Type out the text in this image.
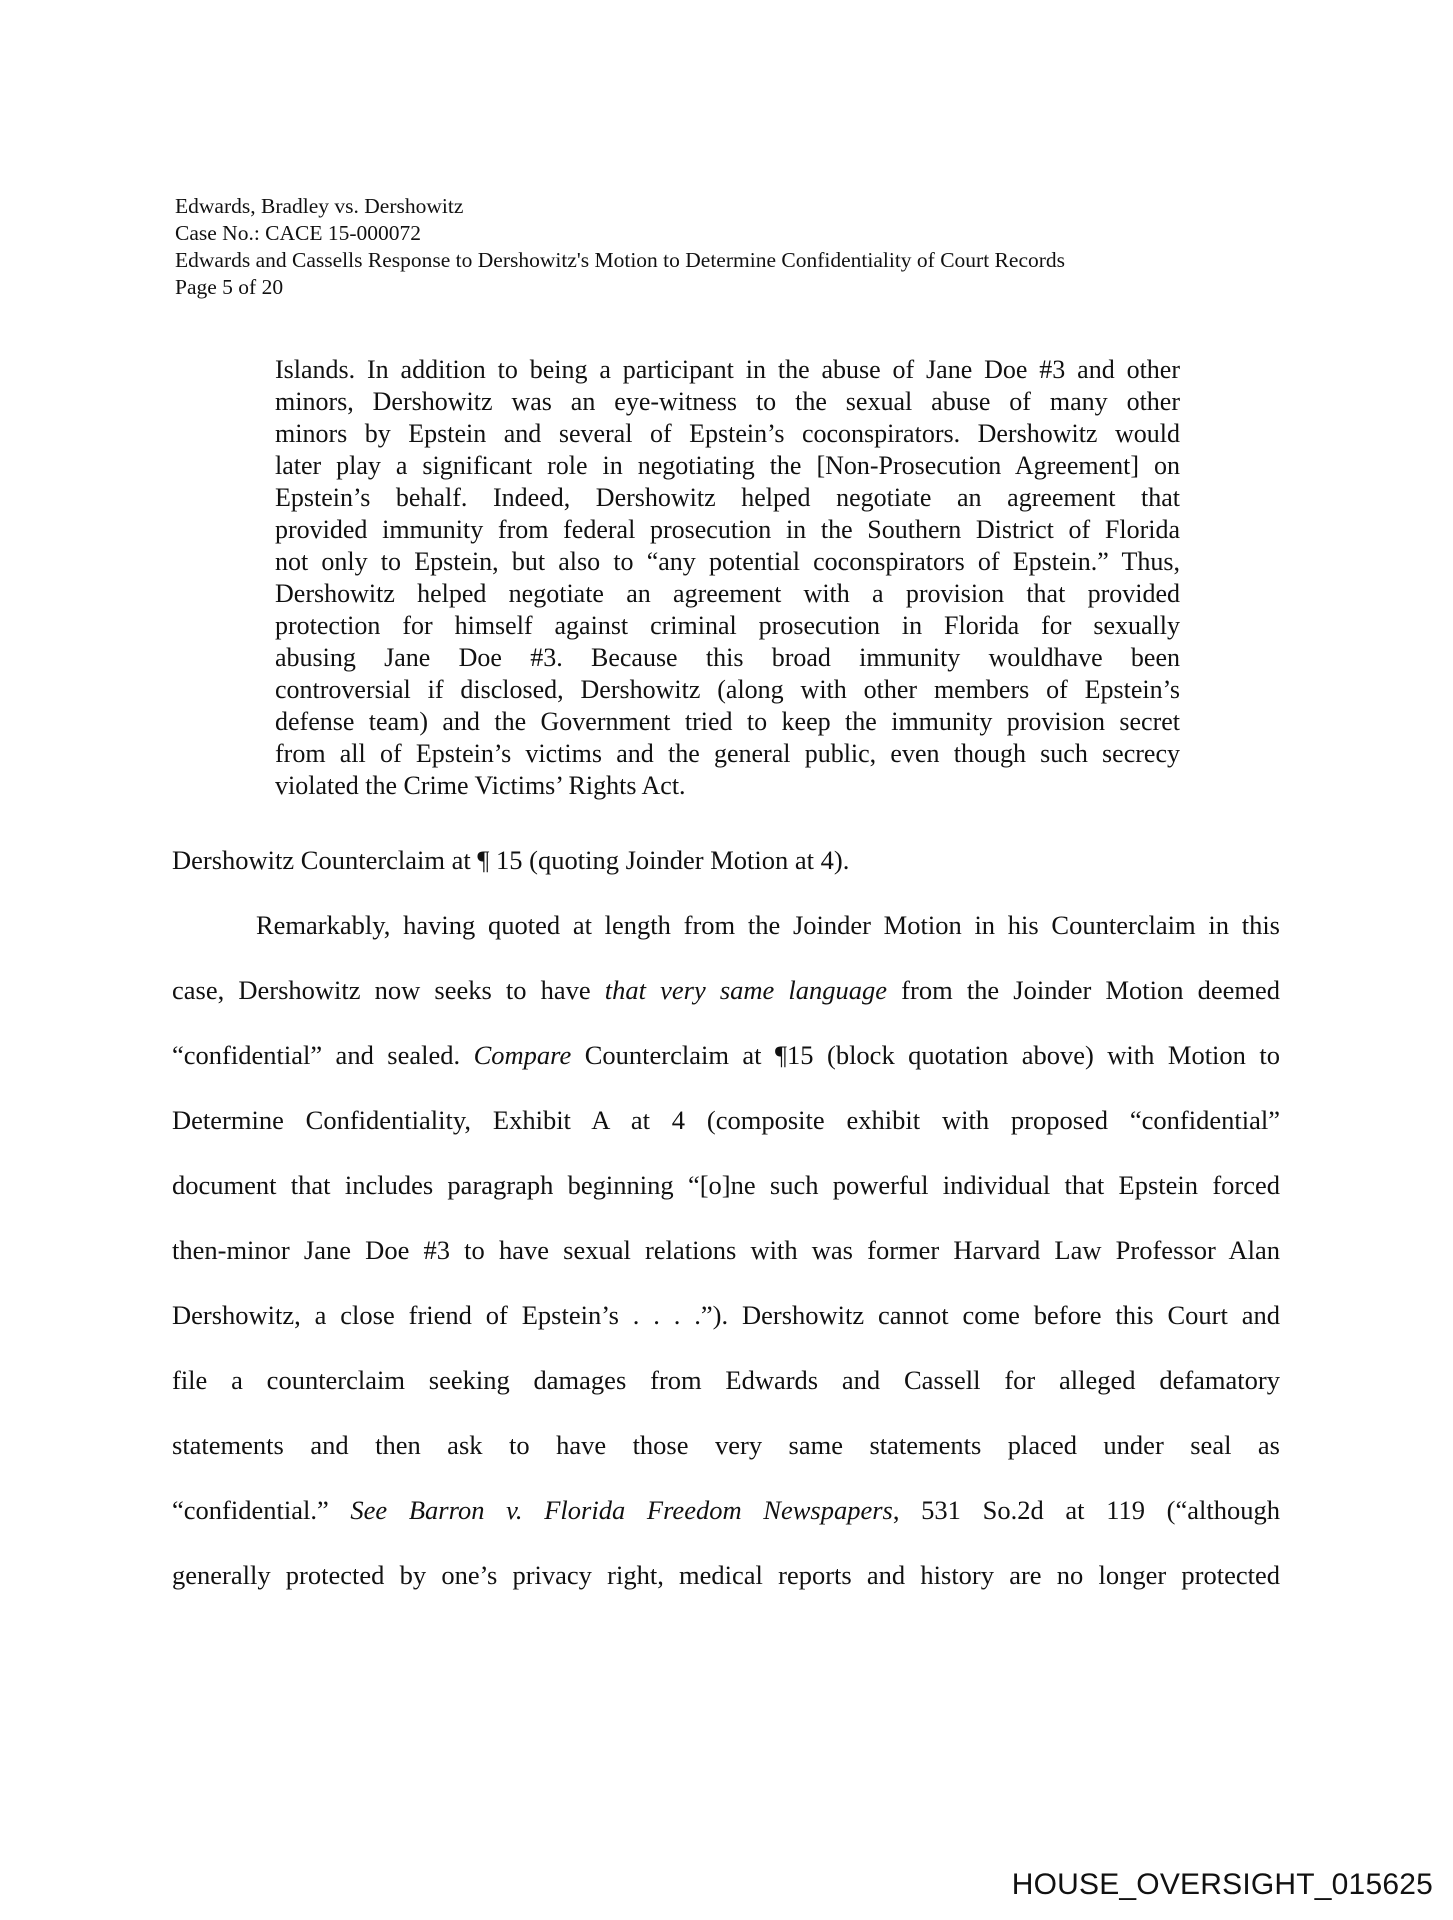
Edwards, Bradley vs. Dershowitz
Case No.: CACE 15-000072
Edwards and Cassells Response to Dershowitz's Motion to Determine Confidentiality of Court Records
Page 5 of 20
Islands. In addition to being a participant in the abuse of Jane Doe #3 and other
minors, Dershowitz was an eye-witness to the sexual abuse of many other
minors by Epstein and several of Epstein’s coconspirators. Dershowitz would
later play a significant role in negotiating the [Non-Prosecution Agreement] on
Epstein’s behalf. Indeed, Dershowitz helped negotiate an agreement that
provided immunity from federal prosecution in the Southern District of Florida
not only to Epstein, but also to “any potential coconspirators of Epstein.” Thus,
Dershowitz helped negotiate an agreement with a provision that provided
protection for himself against criminal prosecution in Florida for sexually
abusing Jane Doe #3. Because this broad immunity wouldhave been
controversial if disclosed, Dershowitz (along with other members of Epstein’s
defense team) and the Government tried to keep the immunity provision secret
from all of Epstein’s victims and the general public, even though such secrecy
violated the Crime Victims’ Rights Act.
Dershowitz Counterclaim at ¶ 15 (quoting Joinder Motion at 4).
Remarkably, having quoted at length from the Joinder Motion in his Counterclaim in this
case, Dershowitz now seeks to have that very same language from the Joinder Motion deemed
“confidential” and sealed. Compare Counterclaim at ¶15 (block quotation above) with Motion to
Determine Confidentiality, Exhibit A at 4 (composite exhibit with proposed “confidential”
document that includes paragraph beginning “[o]ne such powerful individual that Epstein forced
then-minor Jane Doe #3 to have sexual relations with was former Harvard Law Professor Alan
Dershowitz, a close friend of Epstein’s . . . .”). Dershowitz cannot come before this Court and
file a counterclaim seeking damages from Edwards and Cassell for alleged defamatory
statements and then ask to have those very same statements placed under seal as
“confidential.” See Barron v. Florida Freedom Newspapers, 531 So.2d at 119 (“although
generally protected by one’s privacy right, medical reports and history are no longer protected
HOUSE_OVERSIGHT_015625
